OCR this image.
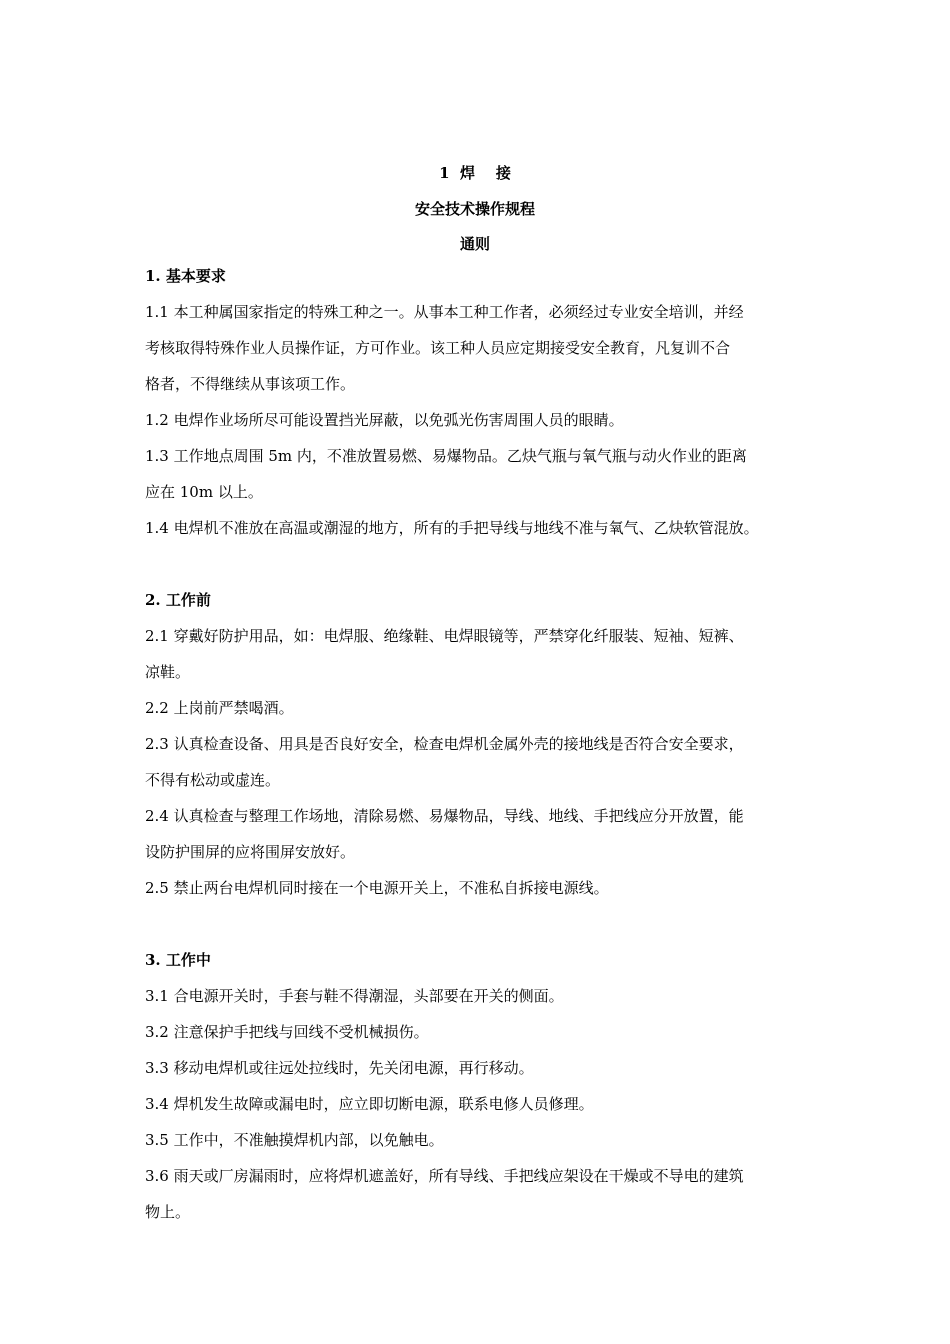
1  焊    接
安全技术操作规程
通则
1. 基本要求
1.1 本工种属国家指定的特殊工种之一。从事本工种工作者，必须经过专业安全培训，并经
考核取得特殊作业人员操作证，方可作业。该工种人员应定期接受安全教育，凡复训不合
格者，不得继续从事该项工作。
1.2 电焊作业场所尽可能设置挡光屏蔽，以免弧光伤害周围人员的眼睛。
1.3 工作地点周围 5m 内，不准放置易燃、易爆物品。乙炔气瓶与氧气瓶与动火作业的距离
应在 10m 以上。
1.4 电焊机不准放在高温或潮湿的地方，所有的手把导线与地线不准与氧气、乙炔软管混放。
2. 工作前
2.1 穿戴好防护用品，如：电焊服、绝缘鞋、电焊眼镜等，严禁穿化纤服装、短袖、短裤、
凉鞋。
2.2 上岗前严禁喝酒。
2.3 认真检查设备、用具是否良好安全，检查电焊机金属外壳的接地线是否符合安全要求，
不得有松动或虚连。
2.4 认真检查与整理工作场地，清除易燃、易爆物品，导线、地线、手把线应分开放置，能
设防护围屏的应将围屏安放好。
2.5 禁止两台电焊机同时接在一个电源开关上，不准私自拆接电源线。
3. 工作中
3.1 合电源开关时，手套与鞋不得潮湿，头部要在开关的侧面。
3.2 注意保护手把线与回线不受机械损伤。
3.3 移动电焊机或往远处拉线时，先关闭电源，再行移动。
3.4 焊机发生故障或漏电时，应立即切断电源，联系电修人员修理。
3.5 工作中，不准触摸焊机内部，以免触电。
3.6 雨天或厂房漏雨时，应将焊机遮盖好，所有导线、手把线应架设在干燥或不导电的建筑
物上。
